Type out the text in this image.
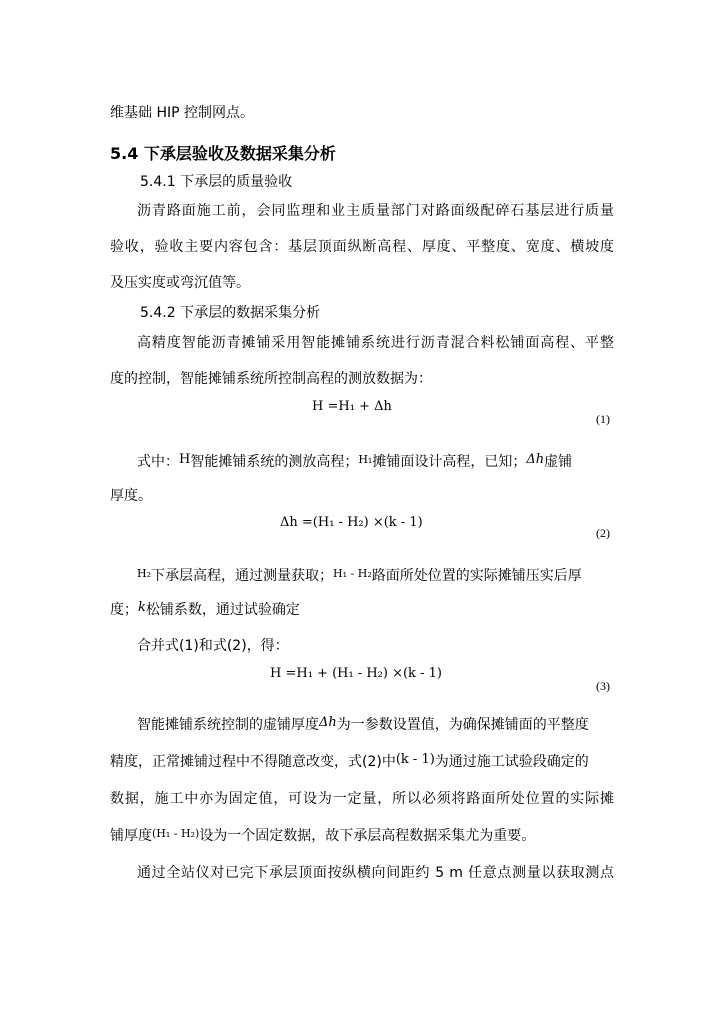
维基础 HIP 控制网点。
5.4 下承层验收及数据采集分析
5.4.1 下承层的质量验收
沥青路面施工前，会同监理和业主质量部门对路面级配碎石基层进行质量
验收，验收主要内容包含：基层顶面纵断高程、厚度、平整度、宽度、横坡度
及压实度或弯沉值等。
5.4.2 下承层的数据采集分析
高精度智能沥青摊铺采用智能摊铺系统进行沥青混合料松铺面高程、平整
度的控制，智能摊铺系统所控制高程的测放数据为：
H =H₁ + Δh
(1)
式中：H智能摊铺系统的测放高程；$^{H_1}$摊铺面设计高程，已知；Δh虚铺
厚度。
Δh =(H₁ - H₂) ×(k - 1)
(2)
$^{H_2}$下承层高程，通过测量获取；$^{H_1 - H_2}$路面所处位置的实际摊铺压实后厚
度；k松铺系数，通过试验确定
合并式(1)和式(2)，得：
H =H₁ + (H₁ - H₂) ×(k - 1)
(3)
智能摊铺系统控制的虚铺厚度Δh为一参数设置值，为确保摊铺面的平整度
精度，正常摊铺过程中不得随意改变，式(2)中(k - 1)为通过施工试验段确定的
数据，施工中亦为固定值，可设为一定量，所以必须将路面所处位置的实际摊
铺厚度$^{(H_1 - H_2)}$设为一个固定数据，故下承层高程数据采集尤为重要。
通过全站仪对已完下承层顶面按纵横向间距约 5 m 任意点测量以获取测点
